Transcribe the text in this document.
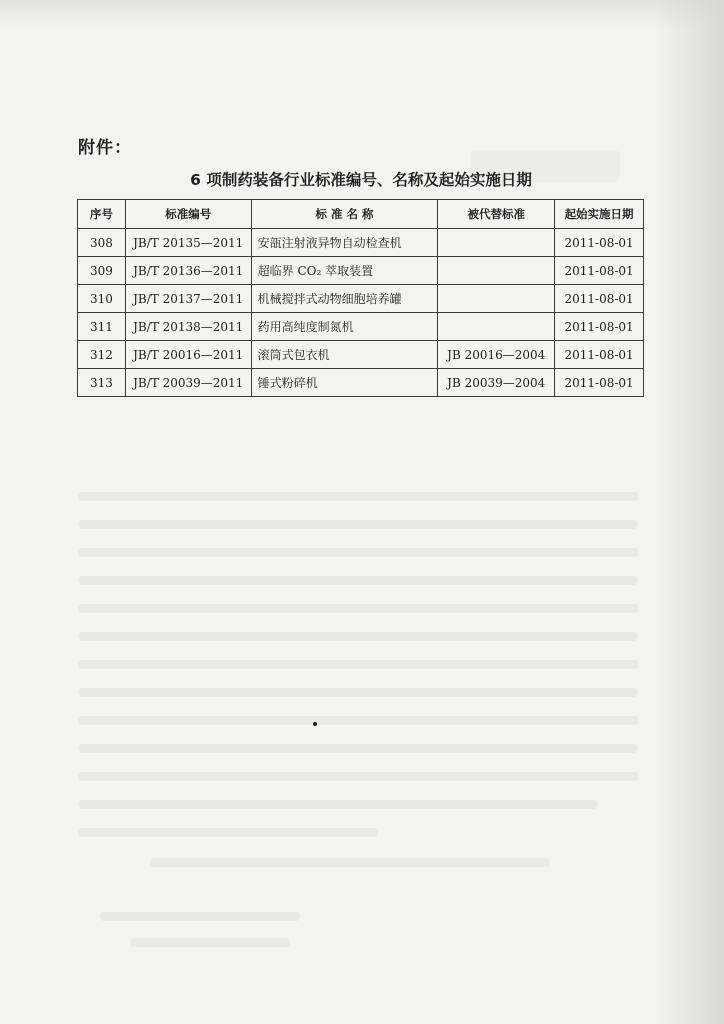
附件：
6 项制药装备行业标准编号、名称及起始实施日期
序号	标准编号	标 准 名 称	被代替标准	起始实施日期
308	JB/T 20135—2011	安瓿注射液异物自动检查机		2011-08-01
309	JB/T 20136—2011	超临界 CO₂ 萃取装置		2011-08-01
310	JB/T 20137—2011	机械搅拌式动物细胞培养罐		2011-08-01
311	JB/T 20138—2011	药用高纯度制氮机		2011-08-01
312	JB/T 20016—2011	滚筒式包衣机	JB 20016—2004	2011-08-01
313	JB/T 20039—2011	锤式粉碎机	JB 20039—2004	2011-08-01
